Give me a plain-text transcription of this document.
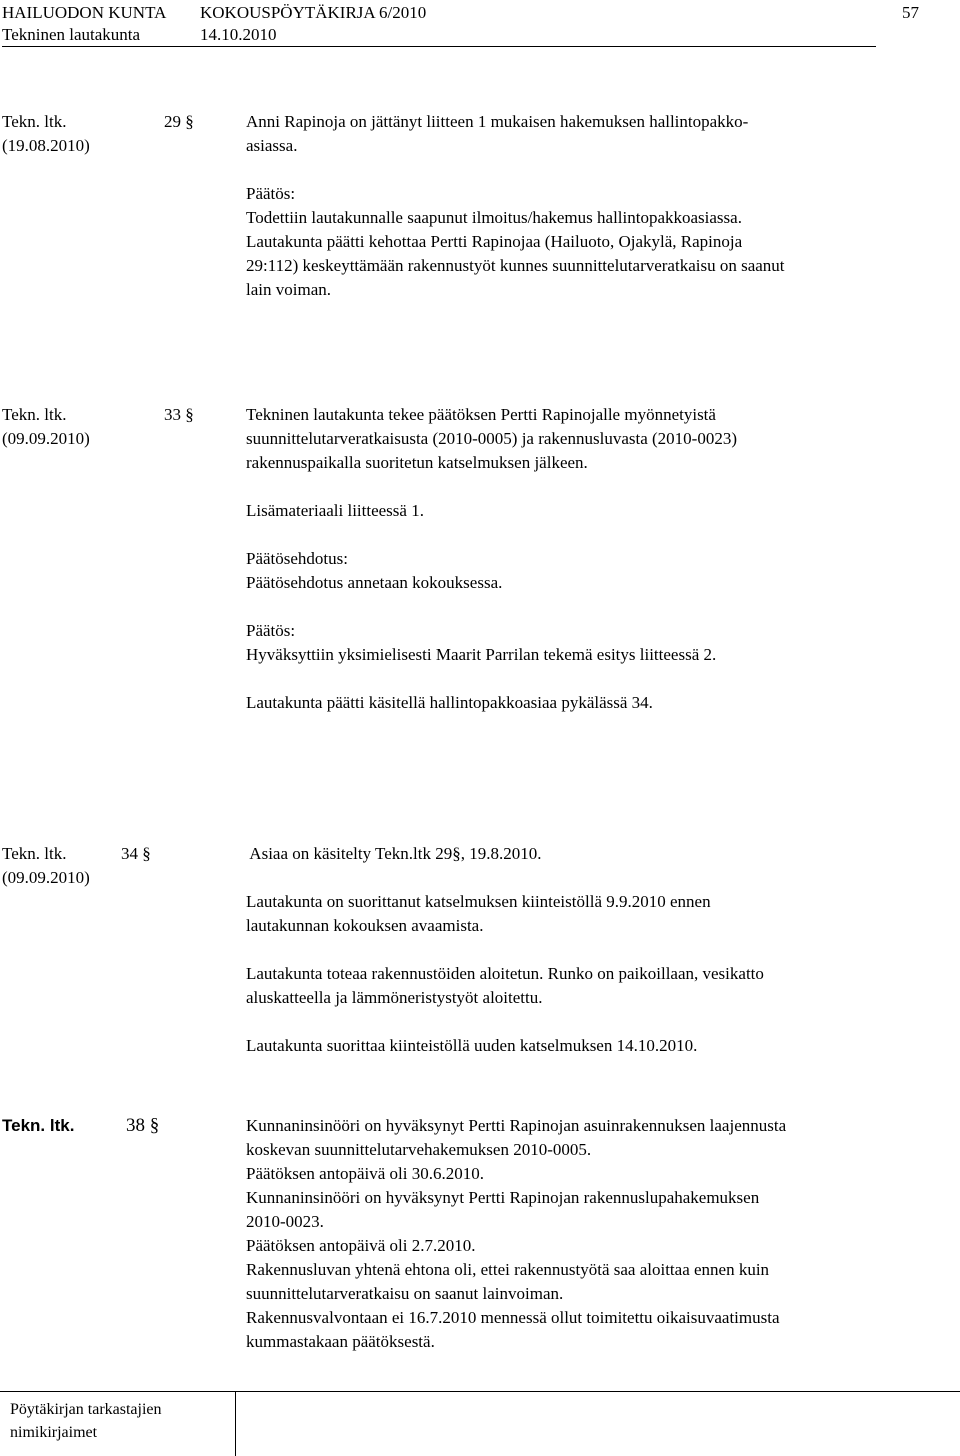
HAILUODON KUNTA KOKOUSPÖYTÄKIRJA 6/2010	57
Tekninen lautakunta	14.10.2010
Tekn. ltk.
(19.08.2010)
29 §	Anni Rapinoja on jättänyt liitteen 1 mukaisen hakemuksen hallintopakko-
asiassa.
Päätös:
Todettiin lautakunnalle saapunut ilmoitus/hakemus hallintopakkoasiassa.
Lautakunta päätti kehottaa Pertti Rapinojaa (Hailuoto, Ojakylä, Rapinoja
29:112) keskeyttämään rakennustyöt kunnes suunnittelutarveratkaisu on saanut
lain voiman.
Tekn. ltk.
(09.09.2010)
33 §	Tekninen lautakunta tekee päätöksen Pertti Rapinojalle myönnetyistä
suunnittelutarveratkaisusta (2010-0005) ja rakennusluvasta (2010-0023)
rakennuspaikalla suoritetun katselmuksen jälkeen.
Lisämateriaali liitteessä 1.
Päätösehdotus:
Päätösehdotus annetaan kokouksessa.
Päätös:
Hyväksyttiin yksimielisesti Maarit Parrilan tekemä esitys liitteessä 2.
Lautakunta päätti käsitellä hallintopakkoasiaa pykälässä 34.
Tekn. ltk.
(09.09.2010)
34 §	Asiaa on käsitelty Tekn.ltk 29§, 19.8.2010.
Lautakunta on suorittanut katselmuksen kiinteistöllä 9.9.2010 ennen
lautakunnan kokouksen avaamista.
Lautakunta toteaa rakennustöiden aloitetun. Runko on paikoillaan, vesikatto
aluskatteella ja lämmöneristystyöt aloitettu.
Lautakunta suorittaa kiinteistöllä uuden katselmuksen 14.10.2010.
Tekn. ltk.	38 §	Kunnaninsinööri on hyväksynyt Pertti Rapinojan asuinrakennuksen laajennusta
koskevan suunnittelutarvehakemuksen 2010-0005.
Päätöksen antopäivä oli 30.6.2010.
Kunnaninsinööri on hyväksynyt Pertti Rapinojan rakennuslupahakemuksen
2010-0023.
Päätöksen antopäivä oli 2.7.2010.
Rakennusluvan yhtenä ehtona oli, ettei rakennustyötä saa aloittaa ennen kuin
suunnittelutarveratkaisu on saanut lainvoiman.
Rakennusvalvontaan ei 16.7.2010 mennessä ollut toimitettu oikaisuvaatimusta
kummastakaan päätöksestä.
Pöytäkirjan tarkastajien nimikirjaimet
